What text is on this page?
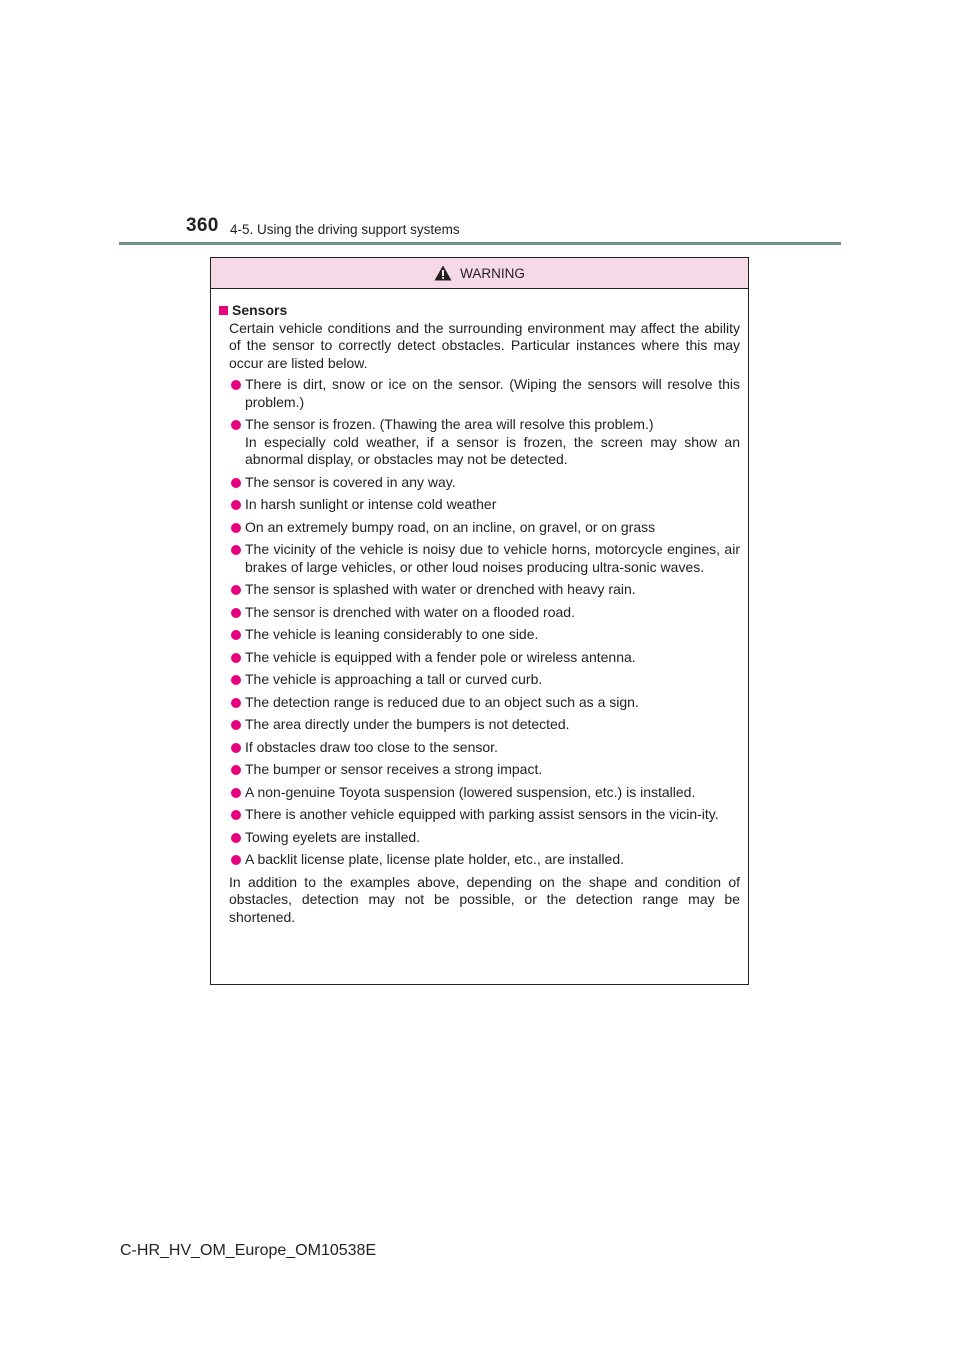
360 4-5. Using the driving support systems
WARNING
Sensors

Certain vehicle conditions and the surrounding environment may affect the ability of the sensor to correctly detect obstacles. Particular instances where this may occur are listed below.

There is dirt, snow or ice on the sensor. (Wiping the sensors will resolve this problem.)
The sensor is frozen. (Thawing the area will resolve this problem.)
In especially cold weather, if a sensor is frozen, the screen may show an abnormal display, or obstacles may not be detected.
The sensor is covered in any way.
In harsh sunlight or intense cold weather
On an extremely bumpy road, on an incline, on gravel, or on grass
The vicinity of the vehicle is noisy due to vehicle horns, motorcycle engines, air brakes of large vehicles, or other loud noises producing ultra-sonic waves.
The sensor is splashed with water or drenched with heavy rain.
The sensor is drenched with water on a flooded road.
The vehicle is leaning considerably to one side.
The vehicle is equipped with a fender pole or wireless antenna.
The vehicle is approaching a tall or curved curb.
The detection range is reduced due to an object such as a sign.
The area directly under the bumpers is not detected.
If obstacles draw too close to the sensor.
The bumper or sensor receives a strong impact.
A non-genuine Toyota suspension (lowered suspension, etc.) is installed.
There is another vehicle equipped with parking assist sensors in the vicin-ity.
Towing eyelets are installed.
A backlit license plate, license plate holder, etc., are installed.

In addition to the examples above, depending on the shape and condition of obstacles, detection may not be possible, or the detection range may be shortened.

C-HR_HV_OM_Europe_OM10538E
